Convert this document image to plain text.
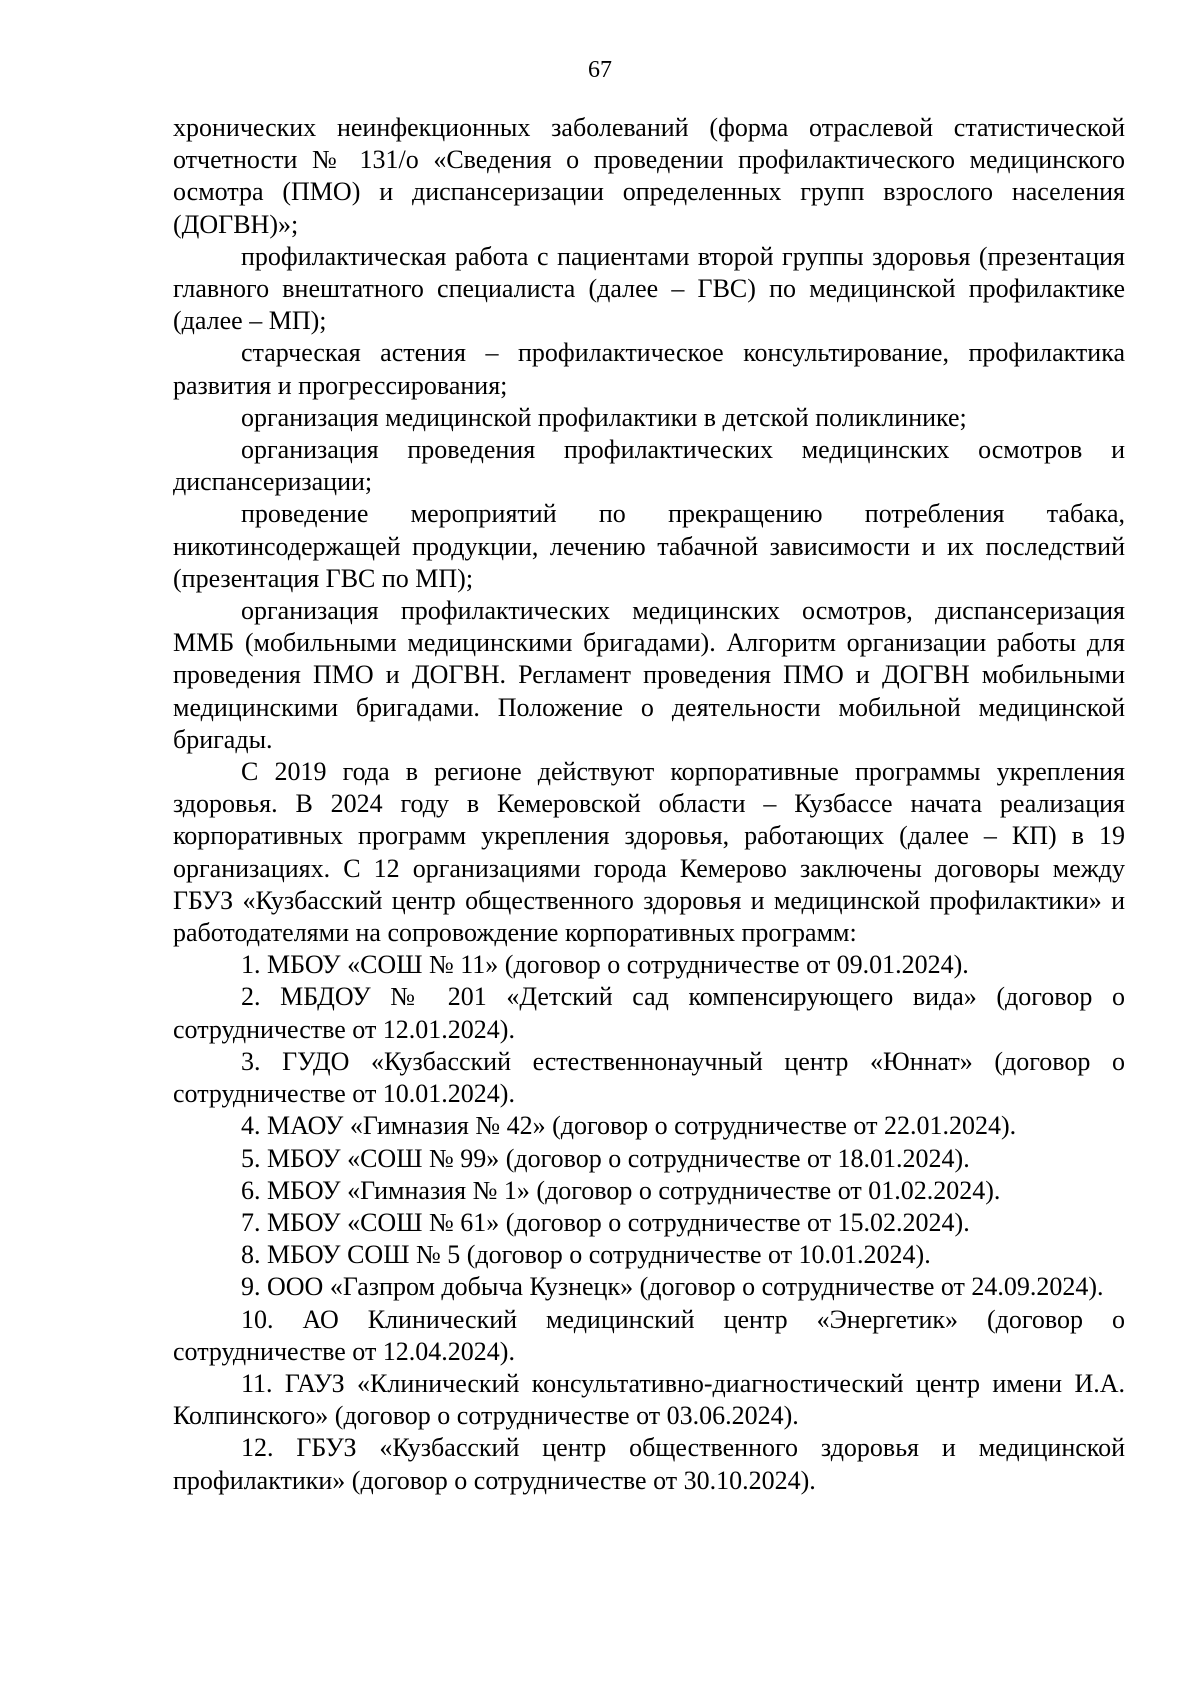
67

хронических неинфекционных заболеваний (форма отраслевой статистической отчетности № 131/о «Сведения о проведении профилактического медицинского осмотра (ПМО) и диспансеризации определенных групп взрослого населения (ДОГВН)»;

профилактическая работа с пациентами второй группы здоровья (презентация главного внештатного специалиста (далее – ГВС) по медицинской профилактике (далее – МП);

старческая астения – профилактическое консультирование, профилактика развития и прогрессирования;

организация медицинской профилактики в детской поликлинике;

организация проведения профилактических медицинских осмотров и диспансеризации;

проведение мероприятий по прекращению потребления табака, никотинсодержащей продукции, лечению табачной зависимости и их последствий (презентация ГВС по МП);

организация профилактических медицинских осмотров, диспансеризация ММБ (мобильными медицинскими бригадами). Алгоритм организации работы для проведения ПМО и ДОГВН. Регламент проведения ПМО и ДОГВН мобильными медицинскими бригадами. Положение о деятельности мобильной медицинской бригады.

С 2019 года в регионе действуют корпоративные программы укрепления здоровья. В 2024 году в Кемеровской области – Кузбассе начата реализация корпоративных программ укрепления здоровья, работающих (далее – КП) в 19 организациях. С 12 организациями города Кемерово заключены договоры между ГБУЗ «Кузбасский центр общественного здоровья и медицинской профилактики» и работодателями на сопровождение корпоративных программ:

1. МБОУ «СОШ № 11» (договор о сотрудничестве от 09.01.2024).

2. МБДОУ № 201 «Детский сад компенсирующего вида» (договор о сотрудничестве от 12.01.2024).

3. ГУДО «Кузбасский естественнонаучный центр «Юннат» (договор о сотрудничестве от 10.01.2024).

4. МАОУ «Гимназия № 42» (договор о сотрудничестве от 22.01.2024).

5. МБОУ «СОШ № 99» (договор о сотрудничестве от 18.01.2024).

6. МБОУ «Гимназия № 1» (договор о сотрудничестве от 01.02.2024).

7. МБОУ «СОШ № 61» (договор о сотрудничестве от 15.02.2024).

8. МБОУ СОШ № 5 (договор о сотрудничестве от 10.01.2024).

9. ООО «Газпром добыча Кузнецк» (договор о сотрудничестве от 24.09.2024).

10. АО Клинический медицинский центр «Энергетик» (договор о сотрудничестве от 12.04.2024).

11. ГАУЗ «Клинический консультативно-диагностический центр имени И.А. Колпинского» (договор о сотрудничестве от 03.06.2024).

12. ГБУЗ «Кузбасский центр общественного здоровья и медицинской профилактики» (договор о сотрудничестве от 30.10.2024).
